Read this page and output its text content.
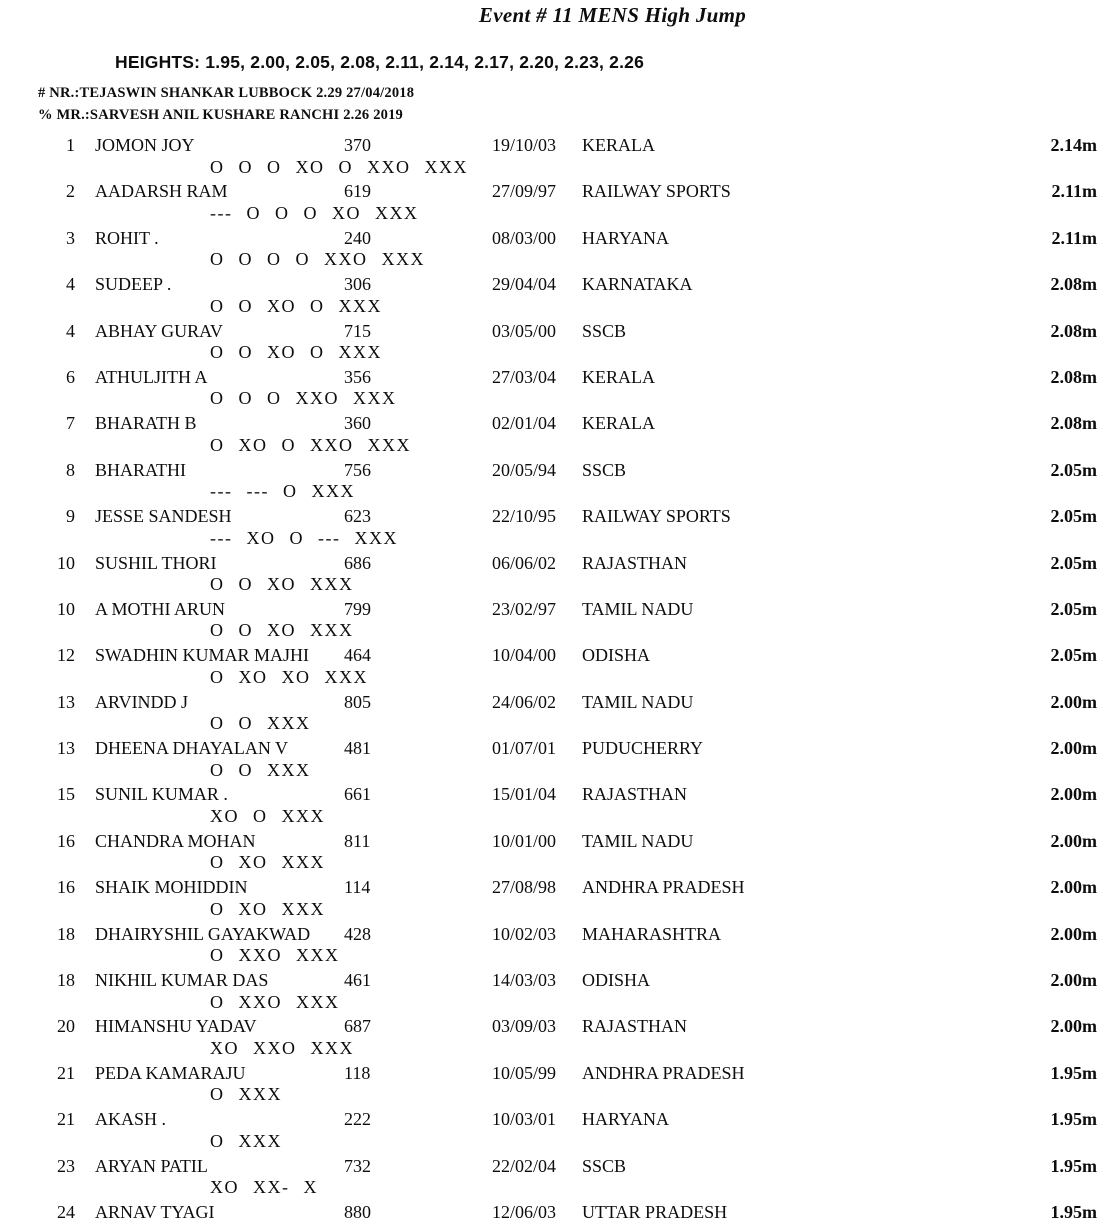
Event # 11 MENS High Jump
HEIGHTS: 1.95, 2.00, 2.05, 2.08, 2.11, 2.14, 2.17, 2.20, 2.23, 2.26
# NR.:TEJASWIN SHANKAR LUBBOCK 2.29 27/04/2018
% MR.:SARVESH ANIL KUSHARE RANCHI 2.26 2019
1 JOMON JOY	370	19/10/03 KERALA	2.14m
O O O XO O XXO XXX
2 AADARSH RAM	619	27/09/97 RAILWAY SPORTS	2.11m
--- O O O XO XXX
3 ROHIT .	240	08/03/00 HARYANA	2.11m
O O O O XXO XXX
4 SUDEEP .	306	29/04/04 KARNATAKA	2.08m
O O XO O XXX
4 ABHAY GURAV	715	03/05/00 SSCB	2.08m
O O XO O XXX
6 ATHULJITH A	356	27/03/04 KERALA	2.08m
O O O XXO XXX
7 BHARATH B	360	02/01/04 KERALA	2.08m
O XO O XXO XXX
8 BHARATHI	756	20/05/94 SSCB	2.05m
--- --- O XXX
9 JESSE SANDESH	623	22/10/95 RAILWAY SPORTS	2.05m
--- XO O --- XXX
10 SUSHIL THORI	686	06/06/02 RAJASTHAN	2.05m
O O XO XXX
10 A MOTHI ARUN	799	23/02/97 TAMIL NADU	2.05m
O O XO XXX
12 SWADHIN KUMAR MAJHI 464	10/04/00 ODISHA	2.05m
O XO XO XXX
13 ARVINDD J	805	24/06/02 TAMIL NADU	2.00m
O O XXX
13 DHEENA DHAYALAN V	481	01/07/01 PUDUCHERRY	2.00m
O O XXX
15 SUNIL KUMAR .	661	15/01/04 RAJASTHAN	2.00m
XO O XXX
16 CHANDRA MOHAN	811	10/01/00 TAMIL NADU	2.00m
O XO XXX
16 SHAIK MOHIDDIN	114	27/08/98 ANDHRA PRADESH	2.00m
O XO XXX
18 DHAIRYSHIL GAYAKWAD 428	10/02/03 MAHARASHTRA	2.00m
O XXO XXX
18 NIKHIL KUMAR DAS	461	14/03/03 ODISHA	2.00m
O XXO XXX
20 HIMANSHU YADAV	687	03/09/03 RAJASTHAN	2.00m
XO XXO XXX
21 PEDA KAMARAJU	118	10/05/99 ANDHRA PRADESH	1.95m
O XXX
21 AKASH .	222	10/03/01 HARYANA	1.95m
O XXX
23 ARYAN PATIL	732	22/02/04 SSCB	1.95m
XO XX- X
24 ARNAV TYAGI	880	12/06/03 UTTAR PRADESH	1.95m
